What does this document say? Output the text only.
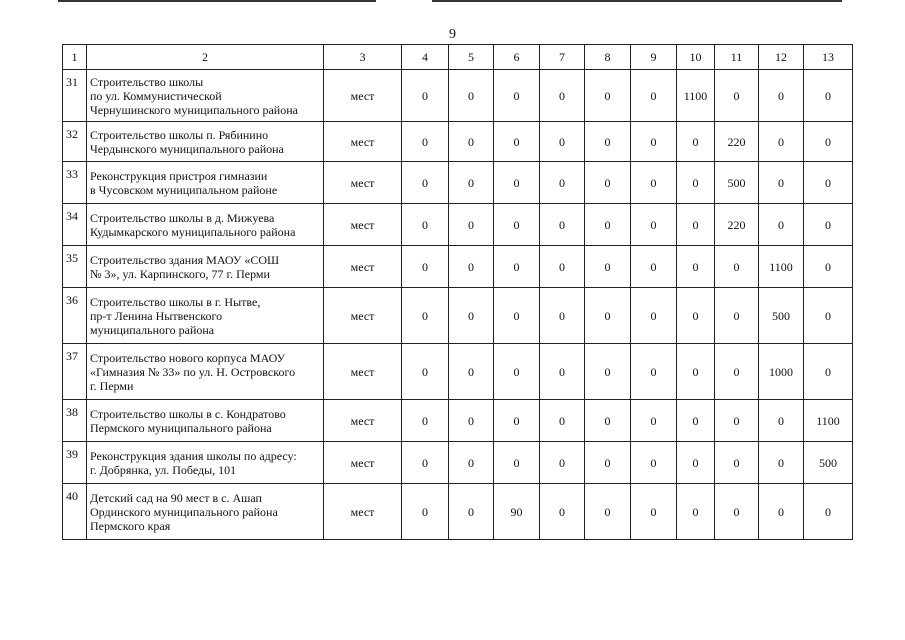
9
1	2	3	4	5	6	7	8	9	10	11	12	13
31	Строительство школы
по ул. Коммунистической
Чернушинского муниципального района	мест	0	0	0	0	0	0	1100	0	0	0
32	Строительство школы п. Рябинино
Чердынского муниципального района	мест	0	0	0	0	0	0	0	220	0	0
33	Реконструкция пристроя гимназии
в Чусовском муниципальном районе	мест	0	0	0	0	0	0	0	500	0	0
34	Строительство школы в д. Мижуева
Кудымкарского муниципального района	мест	0	0	0	0	0	0	0	220	0	0
35	Строительство здания МАОУ «СОШ
№ 3», ул. Карпинского, 77 г. Перми	мест	0	0	0	0	0	0	0	0	1100	0
36	Строительство школы в г. Нытве,
пр-т Ленина Нытвенского
муниципального района	мест	0	0	0	0	0	0	0	0	500	0
37	Строительство нового корпуса МАОУ
«Гимназия № 33» по ул. Н. Островского
г. Перми	мест	0	0	0	0	0	0	0	0	1000	0
38	Строительство школы в с. Кондратово
Пермского муниципального района	мест	0	0	0	0	0	0	0	0	0	1100
39	Реконструкция здания школы по адресу:
г. Добрянка, ул. Победы, 101	мест	0	0	0	0	0	0	0	0	0	500
40	Детский сад на 90 мест в с. Ашап
Ординского муниципального района
Пермского края	мест	0	0	90	0	0	0	0	0	0	0
